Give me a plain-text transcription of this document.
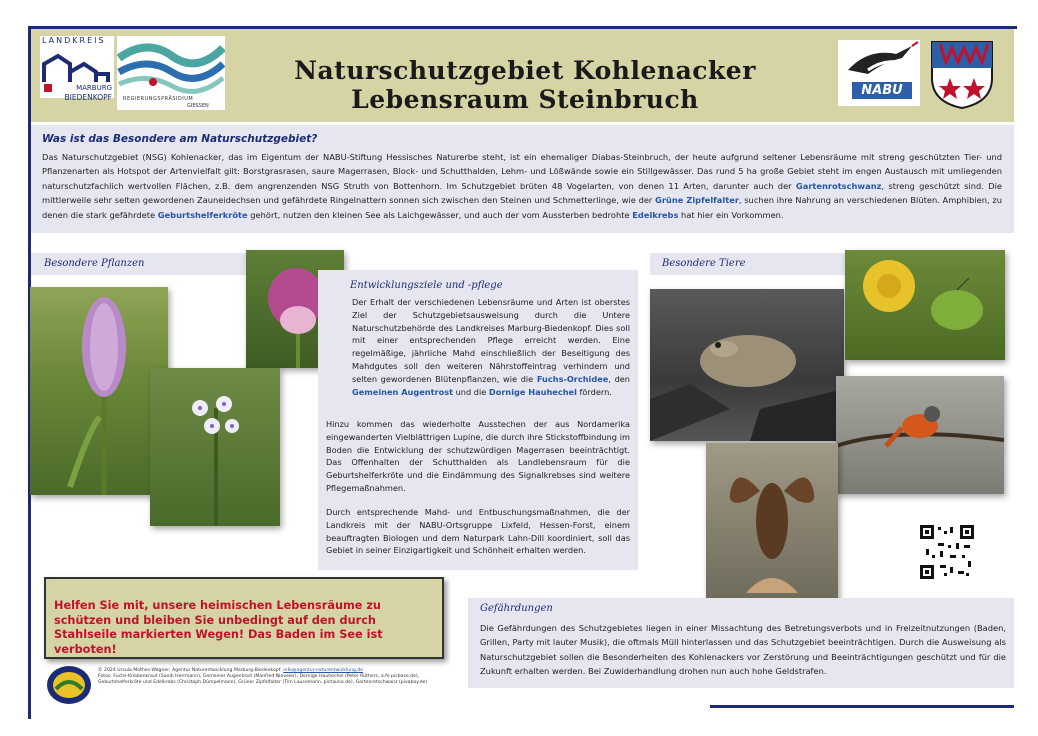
LANDKREIS
MARBURG
BIEDENKOPF REGIERUNGSPRÄSIDIUM
GIESSEN
Naturschutzgebiet Kohlenacker
Lebensraum Steinbruch	NABU
Was ist das Besondere am Naturschutzgebiet?
Das Naturschutzgebiet (NSG) Kohlenacker, das im Eigentum der NABU-Stiftung Hessisches Naturerbe steht, ist ein ehemaliger Diabas-Steinbruch, der heute aufgrund seltener Lebensräume mit streng geschützten Tier- und Pflanzenarten als Hotspot der Artenvielfalt gilt: Borstgrasrasen, saure Magerrasen, Block- und Schutthalden, Lehm- und Lößwände sowie ein Stillgewässer. Das rund 5 ha große Gebiet steht im engen Austausch mit umliegenden naturschutzfachlich wertvollen Flächen, z.B. dem angrenzenden NSG Struth von Bottenhorn. Im Schutzgebiet brüten 48 Vogelarten, von denen 11 Arten, darunter auch der Gartenrotschwanz, streng geschützt sind. Die mittlerweile sehr selten gewordenen Zauneidechsen und gefährdete Ringelnattern sonnen sich zwischen den Steinen und Schmetterlinge, wie der Grüne Zipfelfalter, suchen ihre Nahrung an verschiedenen Blüten. Amphibien, zu denen die stark gefährdete Geburtshelferkröte gehört, nutzen den kleinen See als Laichgewässer, und auch der vom Aussterben bedrohte Edelkrebs hat hier ein Vorkommen.
Besondere Pflanzen
Entwicklungsziele und -pflege
Der Erhalt der verschiedenen Lebensräume und Arten ist oberstes Ziel der Schutzgebietsausweisung durch die Untere Naturschutzbehörde des Landkreises Marburg-Biedenkopf. Dies soll mit einer entsprechenden Pflege erreicht werden. Eine regelmäßige, jährliche Mahd einschließlich der Beseitigung des Mahdgutes soll den weiteren Nährstoffeintrag verhindern und selten gewordenen Blütenpflanzen, wie die Fuchs-Orchidee, den Gemeinen Augentrost und die Dornige Hauhechel fördern.
Hinzu kommen das wiederholte Ausstechen der aus Nordamerika eingewanderten Vielblättrigen Lupine, die durch ihre Stickstoffbindung im Boden die Entwicklung der schutzwürdigen Magerrasen beeinträchtigt. Das Offenhalten der Schutthalden als Landlebensraum für die Geburtshelferkröte und die Eindämmung des Signalkrebses sind weitere Pflegemaßnahmen.
Durch entsprechende Mahd- und Entbuschungsmaßnahmen, die der Landkreis mit der NABU-Ortsgruppe Lixfeld, Hessen-Forst, einem beauftragten Biologen und dem Naturpark Lahn-Dill koordiniert, soll das Gebiet in seiner Einzigartigkeit und Schönheit erhalten werden.
Besondere Tiere
Helfen Sie mit, unsere heimischen Lebensräume zu schützen und bleiben Sie unbedingt auf den durch Stahlseile markierten Wegen! Das Baden im See ist verboten!
Gefährdungen
Die Gefährdungen des Schutzgebietes liegen in einer Missachtung des Betretungsverbots und in Freizeitnutzungen (Baden, Grillen, Party mit lauter Musik), die oftmals Müll hinterlassen und das Schutzgebiet beeinträchtigen. Durch die Ausweisung als Naturschutzgebiet sollen die Besonderheiten des Kohlenackers vor Zerstörung und Beeinträchtigungen geschützt und für die Zukunft erhalten werden. Bei Zuwiderhandlung drohen nun auch hohe Geldstrafen.
© 2024 Ursula Mothes-Wagner, Agentur Naturentwicklung Marburg-Biedenkopf, info@agentur-naturentwicklung.de
Fotos: Fuchs-Knabenkraut (Sandi Herrmann), Gemeiner Augentrost (Manfred Nieveler), Dornige Hauhechel (Peter Rüthers, a.fe picbase.de), Geburtshelferkröte und Edelkrebs (Christoph Dümpelmann), Grüner Zipfelfalter (Tim Lausemann, pictauna.de), Gartenrotschwanz (pixabay.de)
